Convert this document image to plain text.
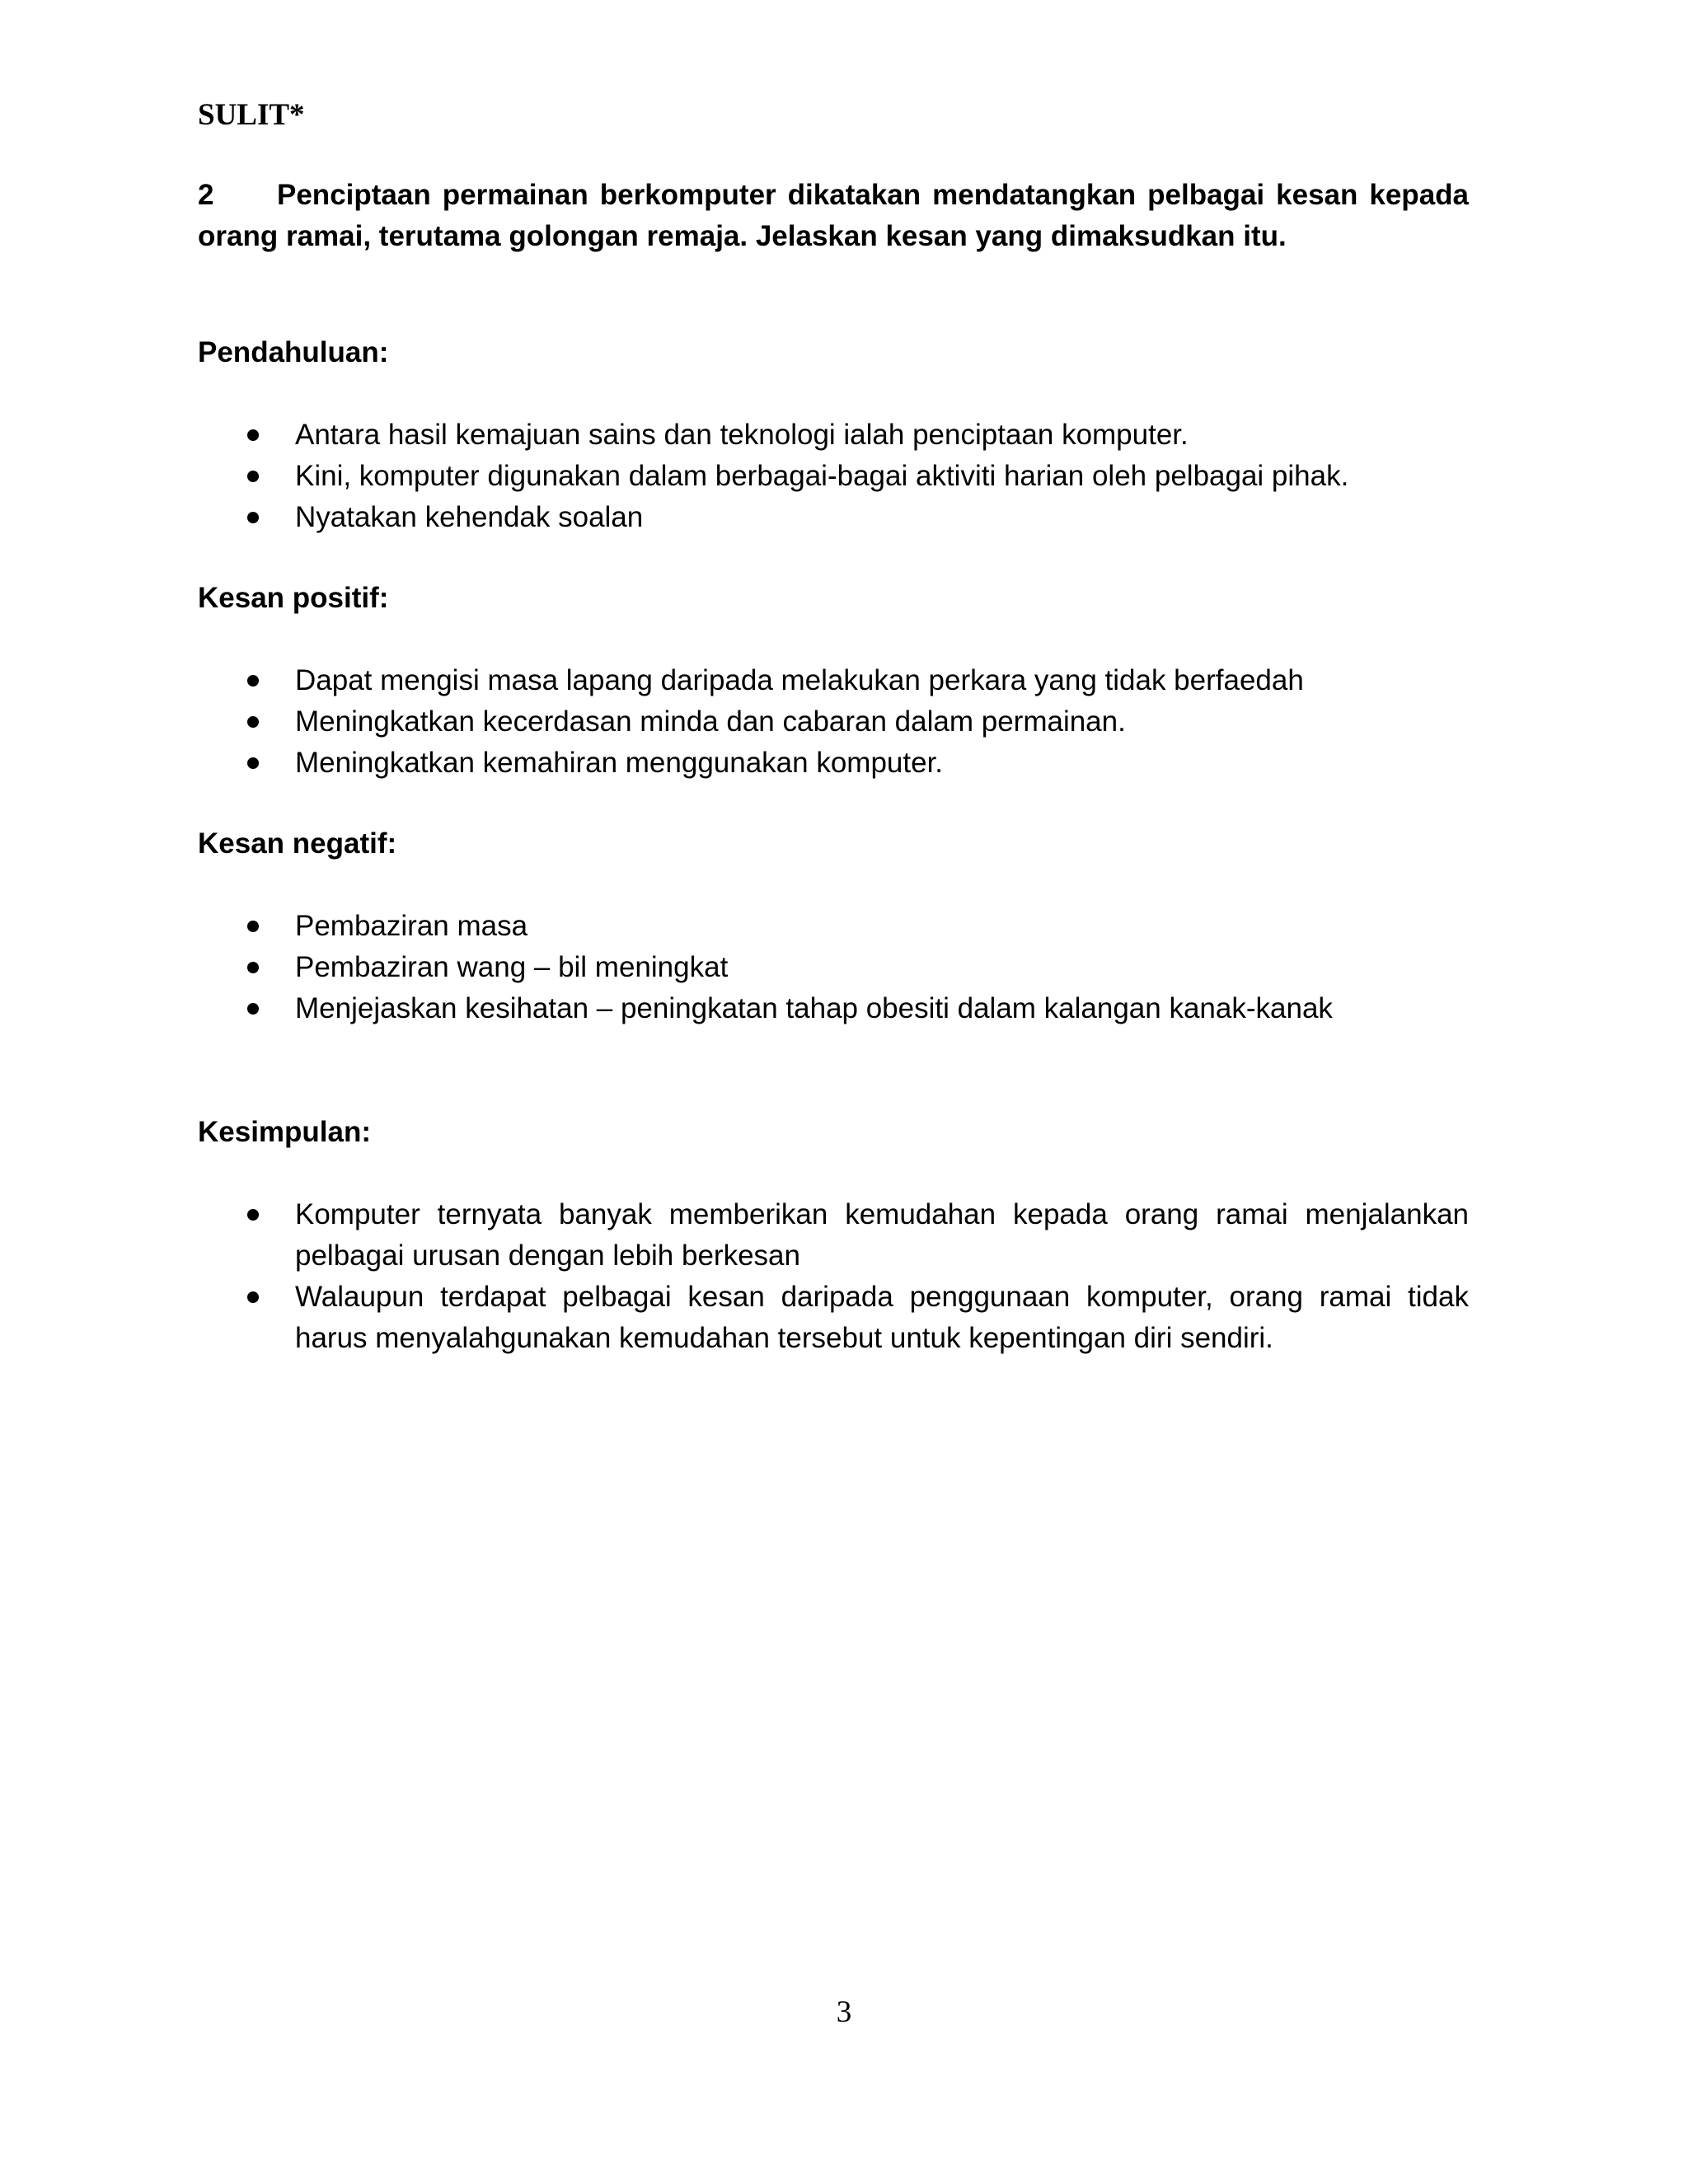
SULIT*
2 Penciptaan permainan berkomputer dikatakan mendatangkan pelbagai kesan kepada orang ramai, terutama golongan remaja. Jelaskan kesan yang dimaksudkan itu.
Pendahuluan:
Antara hasil kemajuan sains dan teknologi ialah penciptaan komputer.
Kini, komputer digunakan dalam berbagai-bagai aktiviti harian oleh pelbagai pihak.
Nyatakan kehendak soalan
Kesan positif:
Dapat mengisi masa lapang daripada melakukan perkara yang tidak berfaedah
Meningkatkan kecerdasan minda dan cabaran dalam permainan.
Meningkatkan kemahiran menggunakan komputer.
Kesan negatif:
Pembaziran masa
Pembaziran wang – bil meningkat
Menjejaskan kesihatan – peningkatan tahap obesiti dalam kalangan kanak-kanak
Kesimpulan:
Komputer ternyata banyak memberikan kemudahan kepada orang ramai menjalankan pelbagai urusan dengan lebih berkesan
Walaupun terdapat pelbagai kesan daripada penggunaan komputer, orang ramai tidak harus menyalahgunakan kemudahan tersebut untuk kepentingan diri sendiri.
3
